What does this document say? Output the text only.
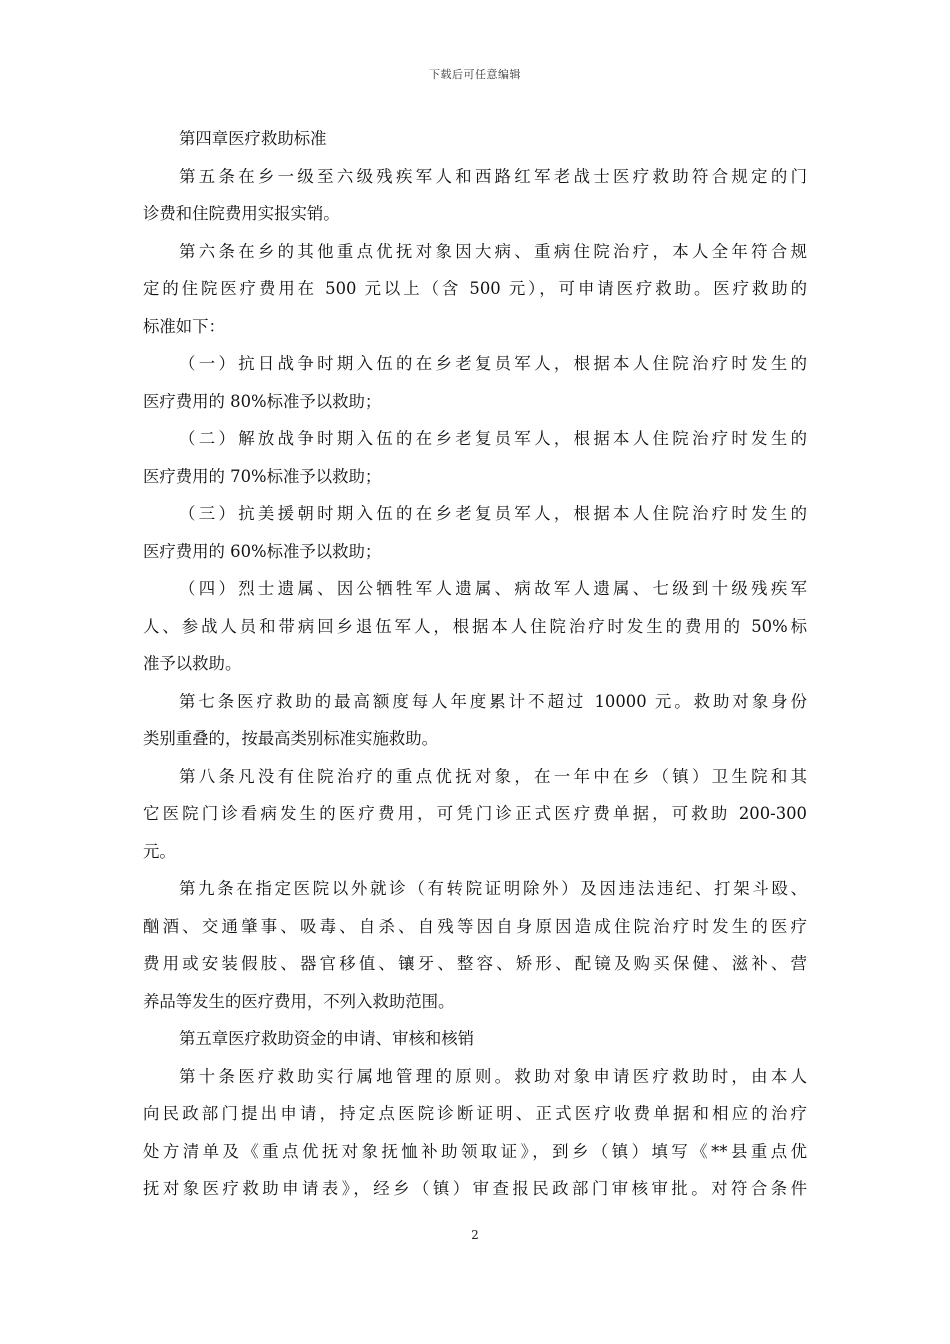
下载后可任意编辑
第四章医疗救助标准
第五条在乡一级至六级残疾军人和西路红军老战士医疗救助符合规定的门
诊费和住院费用实报实销。
第六条在乡的其他重点优抚对象因大病、重病住院治疗，本人全年符合规
定的住院医疗费用在 500 元以上（含 500 元），可申请医疗救助。医疗救助的
标准如下：
（一）抗日战争时期入伍的在乡老复员军人，根据本人住院治疗时发生的
医疗费用的 80%标准予以救助；
（二）解放战争时期入伍的在乡老复员军人，根据本人住院治疗时发生的
医疗费用的 70%标准予以救助；
（三）抗美援朝时期入伍的在乡老复员军人，根据本人住院治疗时发生的
医疗费用的 60%标准予以救助；
（四）烈士遗属、因公牺牲军人遗属、病故军人遗属、七级到十级残疾军
人、参战人员和带病回乡退伍军人，根据本人住院治疗时发生的费用的 50%标
准予以救助。
第七条医疗救助的最高额度每人年度累计不超过 10000 元。救助对象身份
类别重叠的，按最高类别标准实施救助。
第八条凡没有住院治疗的重点优抚对象，在一年中在乡（镇）卫生院和其
它医院门诊看病发生的医疗费用，可凭门诊正式医疗费单据，可救助 200-300
元。
第九条在指定医院以外就诊（有转院证明除外）及因违法违纪、打架斗殴、
酗酒、交通肇事、吸毒、自杀、自残等因自身原因造成住院治疗时发生的医疗
费用或安装假肢、器官移值、镶牙、整容、矫形、配镜及购买保健、滋补、营
养品等发生的医疗费用，不列入救助范围。
第五章医疗救助资金的申请、审核和核销
第十条医疗救助实行属地管理的原则。救助对象申请医疗救助时，由本人
向民政部门提出申请，持定点医院诊断证明、正式医疗收费单据和相应的治疗
处方清单及《重点优抚对象抚恤补助领取证》，到乡（镇）填写《**县重点优
抚对象医疗救助申请表》，经乡（镇）审查报民政部门审核审批。对符合条件
2
